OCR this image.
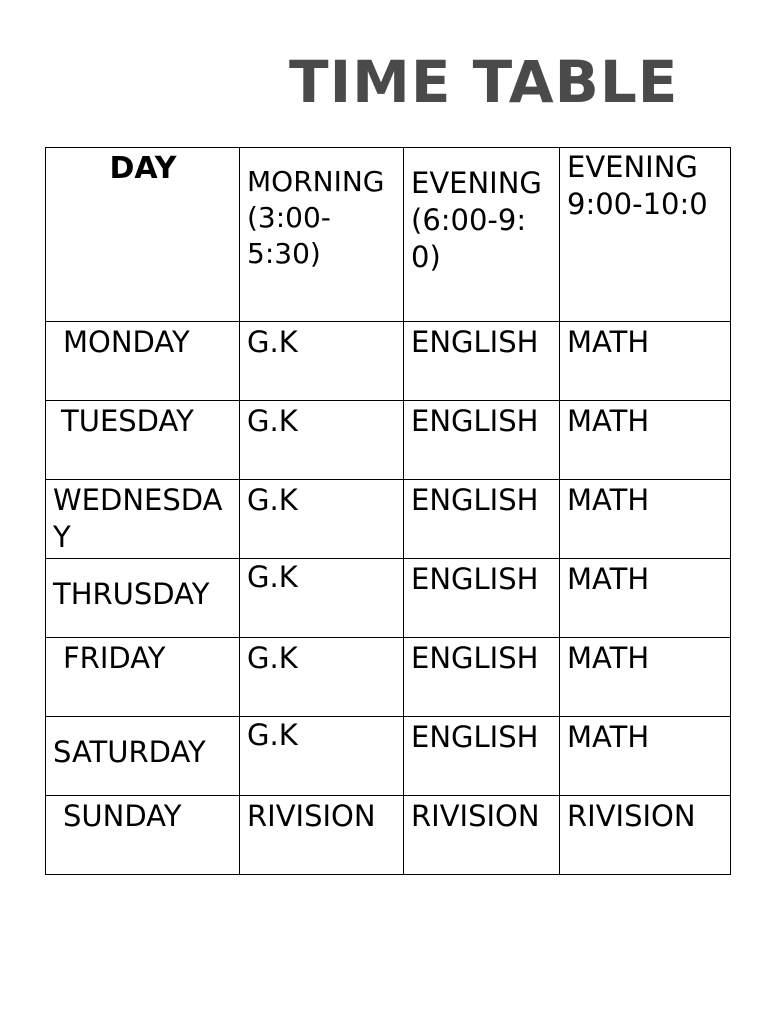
TIME TABLE
DAY	MORNING (3:00-5:30)	EVENING (6:00-9:0)	EVENING 9:00-10:0

MONDAY	G.K	ENGLISH	MATH

TUESDAY	G.K	ENGLISH	MATH

WEDNESDAY	G.K	ENGLISH	MATH

THRUSDAY	G.K	ENGLISH	MATH

FRIDAY	G.K	ENGLISH	MATH

SATURDAY	G.K	ENGLISH	MATH

SUNDAY	RIVISION	RIVISION	RIVISION
